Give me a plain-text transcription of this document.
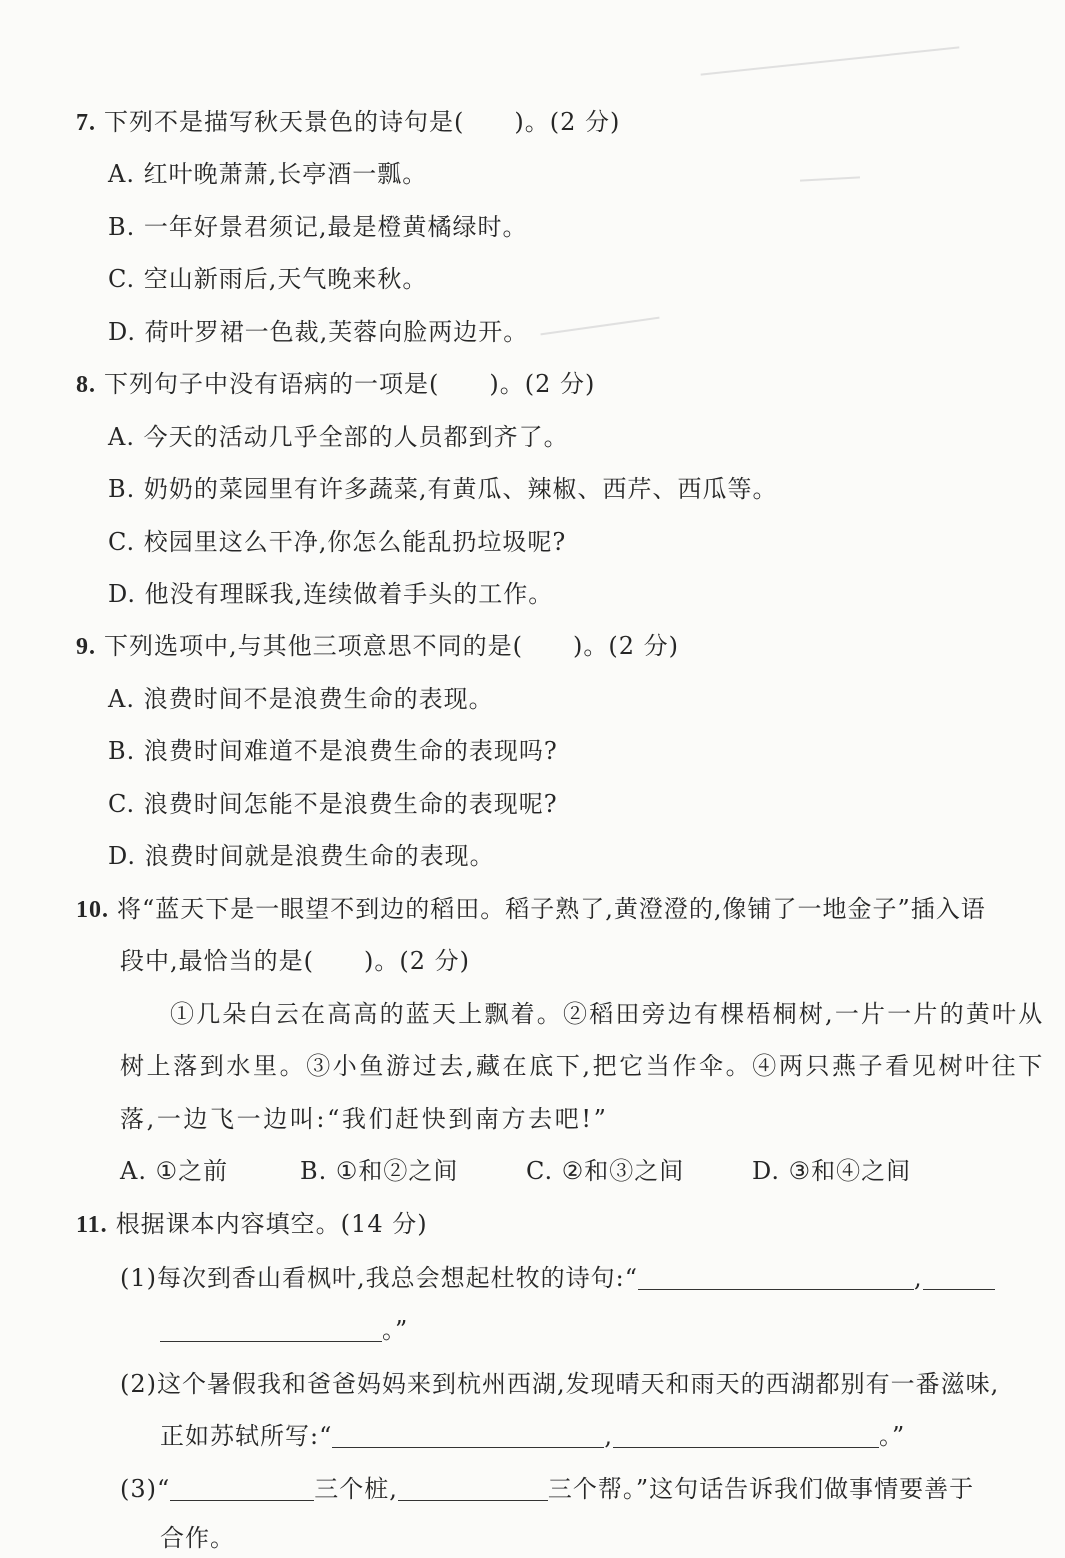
7. 下列不是描写秋天景色的诗句是(　　)。(2 分)
A. 红叶晚萧萧,长亭酒一瓢。
B. 一年好景君须记,最是橙黄橘绿时。
C. 空山新雨后,天气晚来秋。
D. 荷叶罗裙一色裁,芙蓉向脸两边开。
8. 下列句子中没有语病的一项是(　　)。(2 分)
A. 今天的活动几乎全部的人员都到齐了。
B. 奶奶的菜园里有许多蔬菜,有黄瓜、辣椒、西芹、西瓜等。
C. 校园里这么干净,你怎么能乱扔垃圾呢?
D. 他没有理睬我,连续做着手头的工作。
9. 下列选项中,与其他三项意思不同的是(　　)。(2 分)
A. 浪费时间不是浪费生命的表现。
B. 浪费时间难道不是浪费生命的表现吗?
C. 浪费时间怎能不是浪费生命的表现呢?
D. 浪费时间就是浪费生命的表现。
10. 将“蓝天下是一眼望不到边的稻田。稻子熟了,黄澄澄的,像铺了一地金子”插入语
段中,最恰当的是(　　)。(2 分)
①几朵白云在高高的蓝天上飘着。②稻田旁边有棵梧桐树,一片一片的黄叶从
树上落到水里。③小鱼游过去,藏在底下,把它当作伞。④两只燕子看见树叶往下
落,一边飞一边叫:“我们赶快到南方去吧!”
A. ①之前	B. ①和②之间	C. ②和③之间	D. ③和④之间
11. 根据课本内容填空。(14 分)
(1)每次到香山看枫叶,我总会想起杜牧的诗句:“	,
。”
(2)这个暑假我和爸爸妈妈来到杭州西湖,发现晴天和雨天的西湖都别有一番滋味,
正如苏轼所写:“	,	。”
(3)“	三个桩,	三个帮。”这句话告诉我们做事情要善于
合作。
